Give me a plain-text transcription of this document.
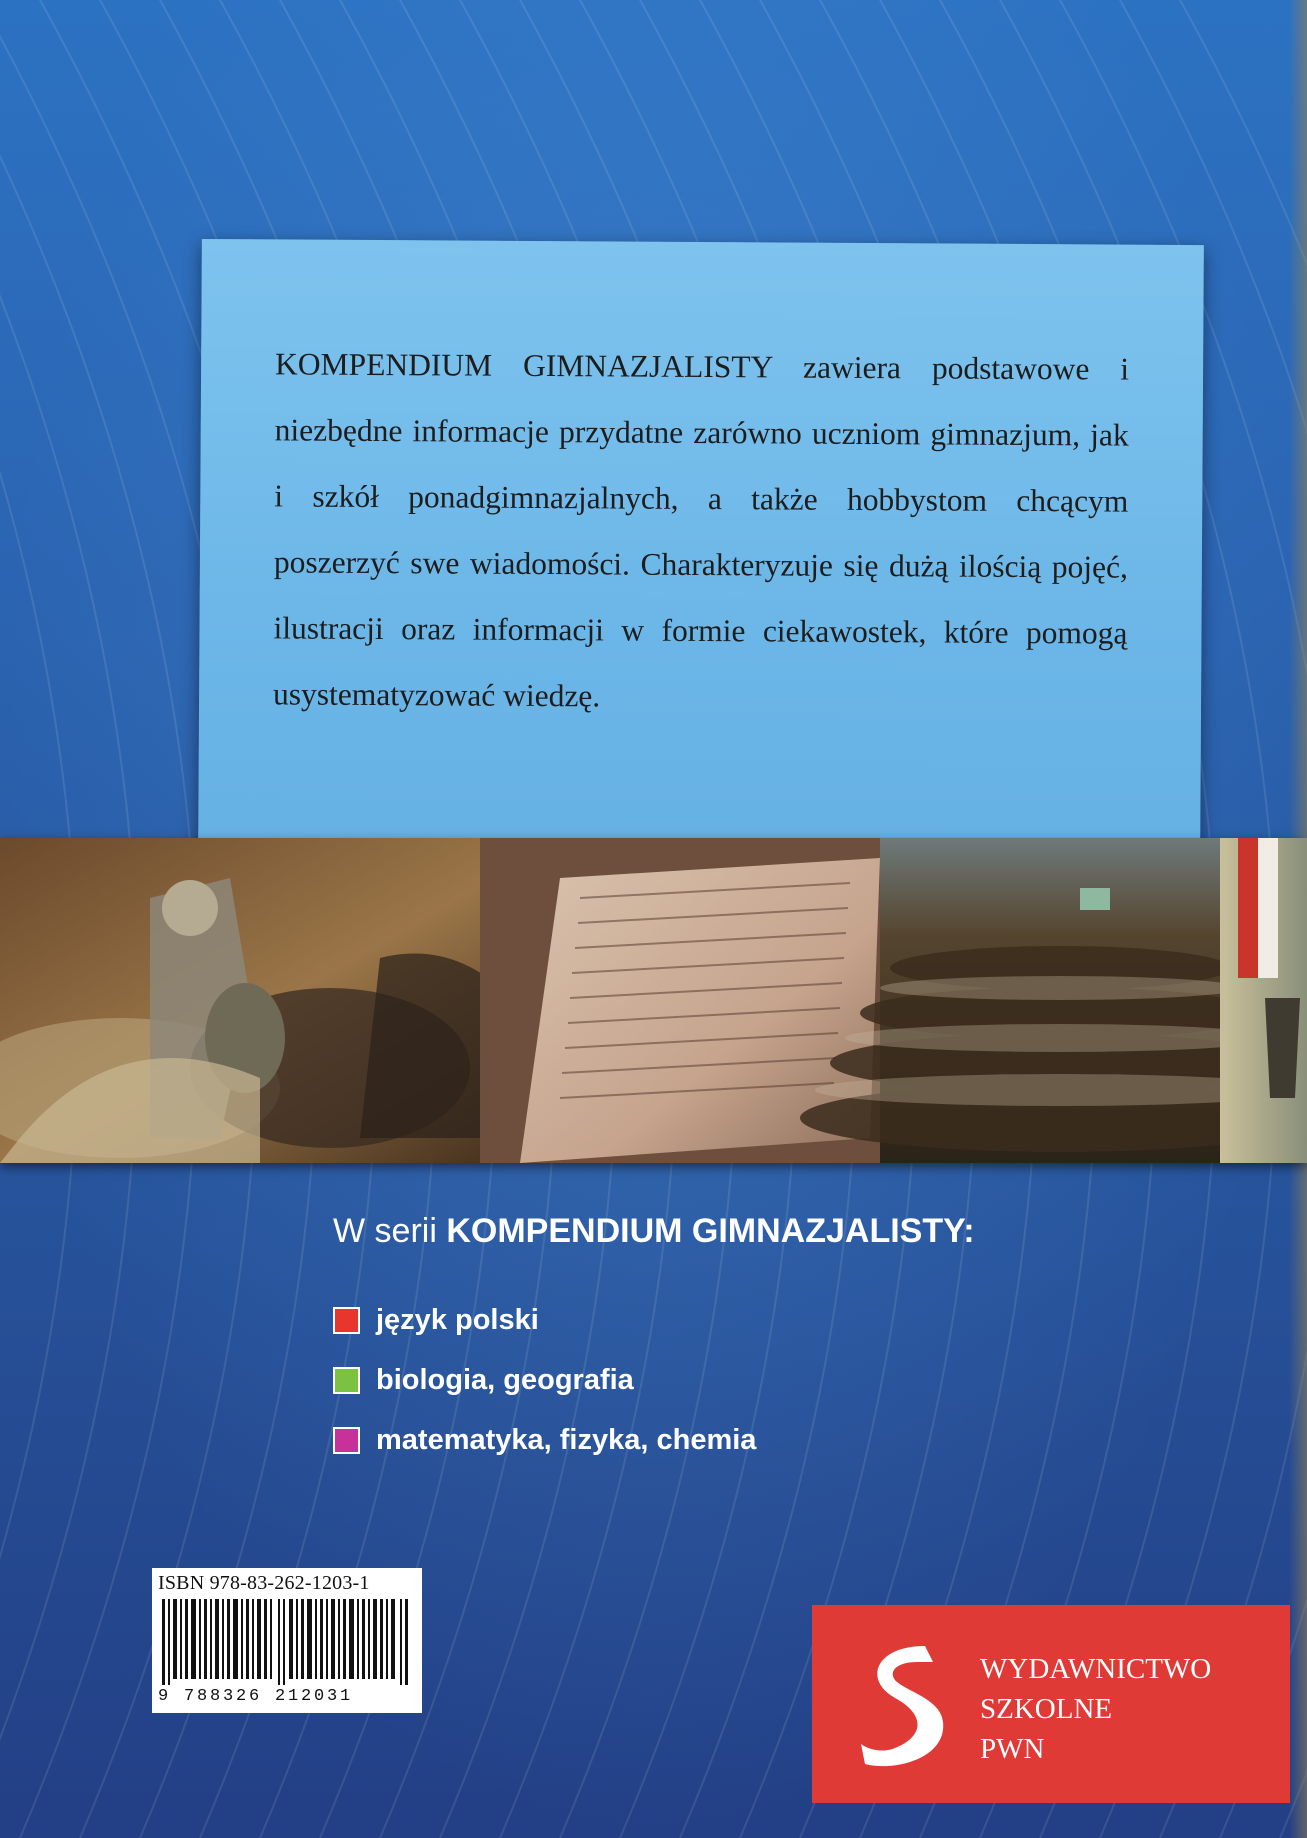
KOMPENDIUM GIMNAZJALISTY zawiera podstawowe i niezbędne informacje przydatne zarówno uczniom gimnazjum, jak i szkół ponadgimnazjalnych, a także hobbystom chcącym poszerzyć swe wiadomości. Charakteryzuje się dużą ilością pojęć, ilustracji oraz informacji w formie ciekawostek, które pomogą usystematyzować wiedzę.

W serii KOMPENDIUM GIMNAZJALISTY:
język polski
biologia, geografia
matematyka, fizyka, chemia
ISBN 978-83-262-1203-1
9 788326 212031
WYDAWNICTWO
SZKOLNE
PWN
